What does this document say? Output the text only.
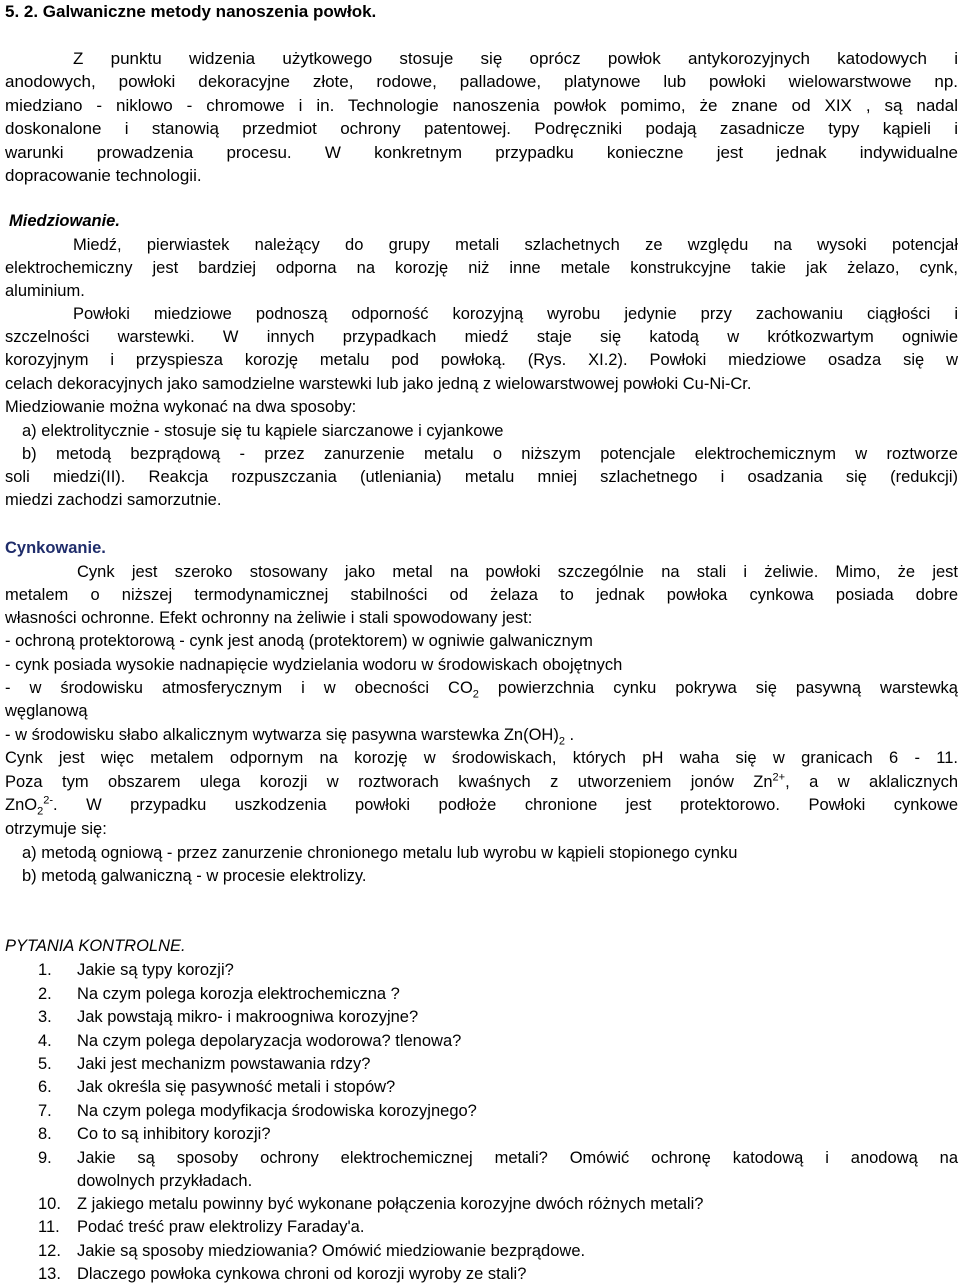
5. 2. Galwaniczne metody nanoszenia powłok.
Z punktu widzenia użytkowego stosuje się oprócz powłok antykorozyjnych katodowych i
anodowych, powłoki dekoracyjne złote, rodowe, palladowe, platynowe lub powłoki wielowarstwowe np.
miedziano - niklowo - chromowe i in. Technologie nanoszenia powłok pomimo, że znane od XIX , są nadal
doskonalone i stanowią przedmiot ochrony patentowej. Podręczniki podają zasadnicze typy kąpieli i
warunki prowadzenia procesu. W konkretnym przypadku konieczne jest jednak indywidualne
dopracowanie technologii.
Miedziowanie.
Miedź, pierwiastek należący do grupy metali szlachetnych ze względu na wysoki potencjał
elektrochemiczny jest bardziej odporna na korozję niż inne metale konstrukcyjne takie jak żelazo, cynk,
aluminium.
Powłoki miedziowe podnoszą odporność korozyjną wyrobu jedynie przy zachowaniu ciągłości i
szczelności warstewki. W innych przypadkach miedź staje się katodą w krótkozwartym ogniwie
korozyjnym i przyspiesza korozję metalu pod powłoką. (Rys. XI.2). Powłoki miedziowe osadza się w
celach dekoracyjnych jako samodzielne warstewki lub jako jedną z wielowarstwowej powłoki Cu-Ni-Cr.
Miedziowanie można wykonać na dwa sposoby:
a) elektrolitycznie - stosuje się tu kąpiele siarczanowe i cyjankowe
b) metodą bezprądową - przez zanurzenie metalu o niższym potencjale elektrochemicznym w roztworze
soli miedzi(II). Reakcja rozpuszczania (utleniania) metalu mniej szlachetnego i osadzania się (redukcji)
miedzi zachodzi samorzutnie.
Cynkowanie.
Cynk jest szeroko stosowany jako metal na powłoki szczególnie na stali i żeliwie. Mimo, że jest
metalem o niższej termodynamicznej stabilności od żelaza to jednak powłoka cynkowa posiada dobre
własności ochronne. Efekt ochronny na żeliwie i stali spowodowany jest:
- ochroną protektorową - cynk jest anodą (protektorem) w ogniwie galwanicznym
- cynk posiada wysokie nadnapięcie wydzielania wodoru w środowiskach obojętnych
- w środowisku atmosferycznym i w obecności $CO_2$ powierzchnia cynku pokrywa się pasywną warstewką
węglanową
- w środowisku słabo alkalicznym wytwarza się pasywna warstewka $Zn(OH)_2$ .
Cynk jest więc metalem odpornym na korozję w środowiskach, których pH waha się w granicach 6 - 11.
Poza tym obszarem ulega korozji w roztworach kwaśnych z utworzeniem jonów $Zn^{2+}$, a w aklalicznych
ZnO$_2^{2-}$. W przypadku uszkodzenia powłoki podłoże chronione jest protektorowo. Powłoki cynkowe
otrzymuje się:
a) metodą ogniową - przez zanurzenie chronionego metalu lub wyrobu w kąpieli stopionego cynku
b) metodą galwaniczną - w procesie elektrolizy.
PYTANIA KONTROLNE.
1.	Jakie są typy korozji?
2.	Na czym polega korozja elektrochemiczna ?
3.	Jak powstają mikro- i makroogniwa korozyjne?
4.	Na czym polega depolaryzacja wodorowa? tlenowa?
5.	Jaki jest mechanizm powstawania rdzy?
6.	Jak określa się pasywność metali i stopów?
7.	Na czym polega modyfikacja środowiska korozyjnego?
8.	Co to są inhibitory korozji?
9.	Jakie są sposoby ochrony elektrochemicznej metali? Omówić ochronę katodową i anodową na
dowolnych przykładach.
10. Z jakiego metalu powinny być wykonane połączenia korozyjne dwóch różnych metali?
11.	Podać treść praw elektrolizy Faraday'a.
12. Jakie są sposoby miedziowania? Omówić miedziowanie bezprądowe.
13. Dlaczego powłoka cynkowa chroni od korozji wyroby ze stali?
